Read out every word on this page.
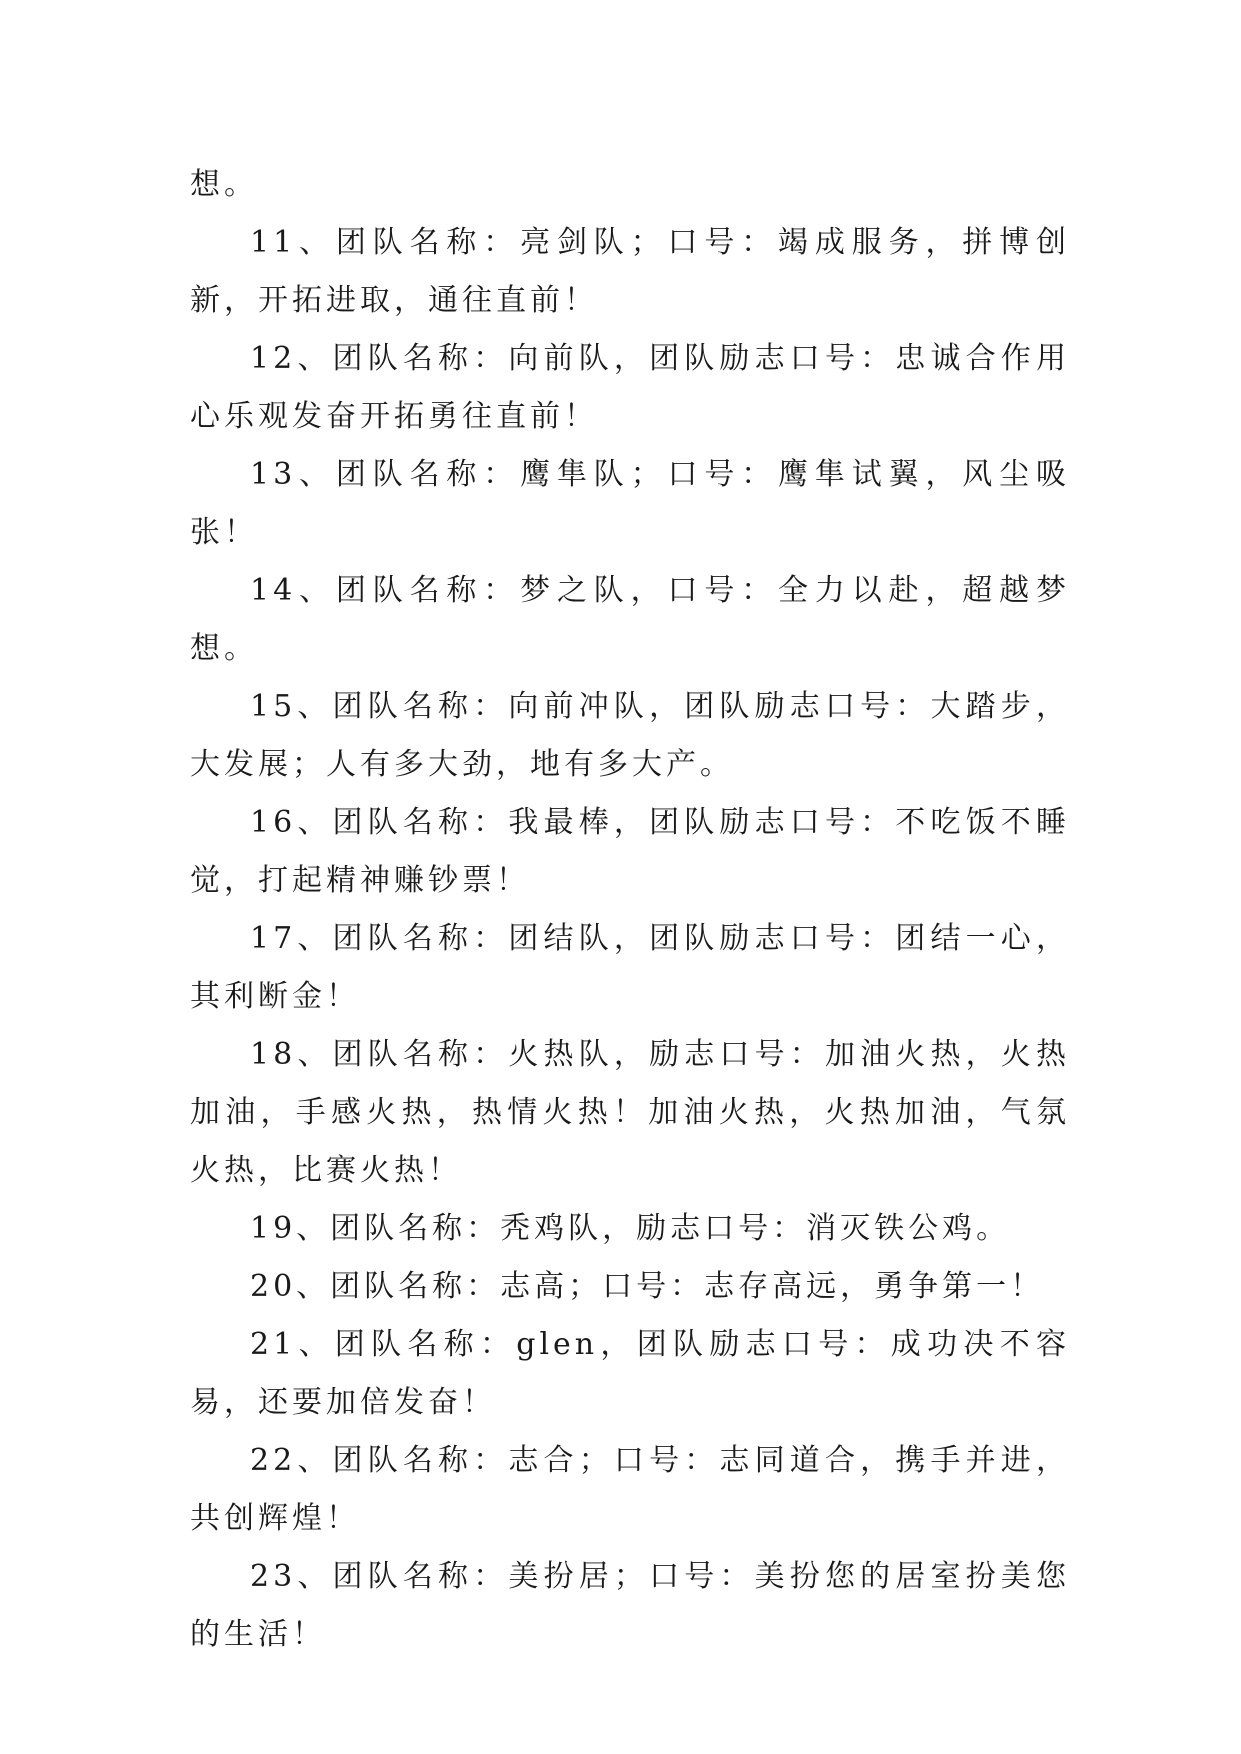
想。

11、团队名称：亮剑队；口号：竭成服务，拼博创新，开拓进取，通往直前！

12、团队名称：向前队，团队励志口号：忠诚合作用心乐观发奋开拓勇往直前！

13、团队名称：鹰隼队；口号：鹰隼试翼，风尘吸张！

14、团队名称：梦之队，口号：全力以赴，超越梦想。

15、团队名称：向前冲队，团队励志口号：大踏步，大发展；人有多大劲，地有多大产。

16、团队名称：我最棒，团队励志口号：不吃饭不睡觉，打起精神赚钞票！

17、团队名称：团结队，团队励志口号：团结一心，其利断金！

18、团队名称：火热队，励志口号：加油火热，火热加油，手感火热，热情火热！加油火热，火热加油，气氛火热，比赛火热！

19、团队名称：秃鸡队，励志口号：消灭铁公鸡。

20、团队名称：志高；口号：志存高远，勇争第一！

21、团队名称：glen，团队励志口号：成功决不容易，还要加倍发奋！

22、团队名称：志合；口号：志同道合，携手并进，共创辉煌！

23、团队名称：美扮居；口号：美扮您的居室扮美您的生活！
